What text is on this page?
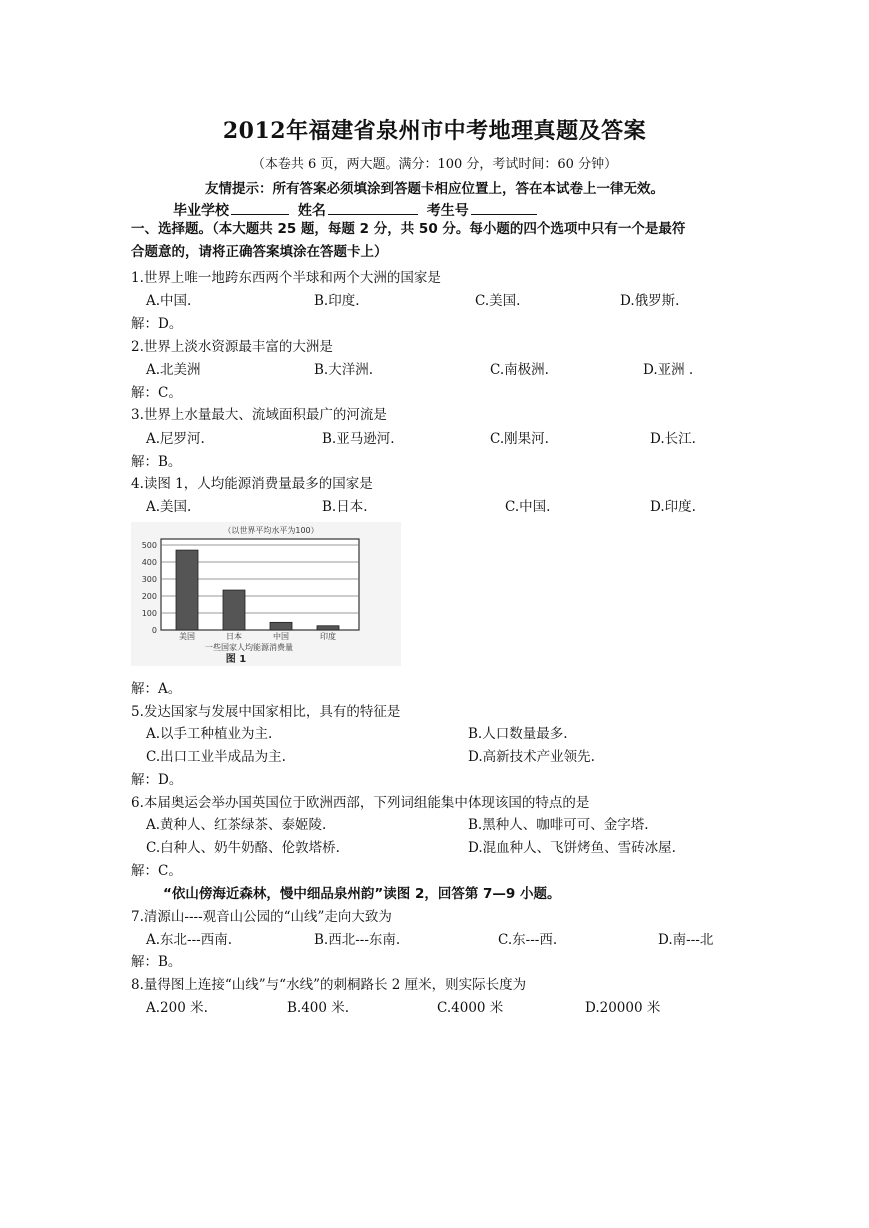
2012年福建省泉州市中考地理真题及答案
（本卷共 6 页，两大题。满分：100 分，考试时间：60 分钟）
友情提示：所有答案必须填涂到答题卡相应位置上，答在本试卷上一律无效。
毕业学校	姓名	考生号
一、选择题。（本大题共 25 题，每题 2 分，共 50 分。每小题的四个选项中只有一个是最符
合题意的，请将正确答案填涂在答题卡上）
1.世界上唯一地跨东西两个半球和两个大洲的国家是
A.中国.	B.印度.	C.美国.	D.俄罗斯.
解：D。
2.世界上淡水资源最丰富的大洲是
A.北美洲	B.大洋洲.	C.南极洲.	D.亚洲 .
解：C。
3.世界上水量最大、流域面积最广的河流是
A.尼罗河.	B.亚马逊河.	C.刚果河.	D.长江.
解：B。
4.读图 1，人均能源消费量最多的国家是
A.美国.	B.日本.	C.中国.	D.印度.
（以世界平均水平为100）
0
100
200
300
400
500
美国	日本	中国	印度
一些国家人均能源消费量
图 1
解：A。
5.发达国家与发展中国家相比，具有的特征是
A.以手工种植业为主.	B.人口数量最多.
C.出口工业半成品为主.	D.高新技术产业领先.
解：D。
6.本届奥运会举办国英国位于欧洲西部，下列词组能集中体现该国的特点的是
A.黄种人、红茶绿茶、泰姬陵.	B.黑种人、咖啡可可、金字塔.
C.白种人、奶牛奶酪、伦敦塔桥.	D.混血种人、飞饼烤鱼、雪砖冰屋.
解：C。
“依山傍海近森林，慢中细品泉州韵”读图 2，回答第 7—9 小题。
7.清源山----观音山公园的“山线”走向大致为
A.东北---西南.	B.西北---东南.	C.东---西.	D.南---北
解：B。
8.量得图上连接“山线”与“水线”的刺桐路长 2 厘米，则实际长度为
A.200 米.	B.400 米.	C.4000 米	D.20000 米
